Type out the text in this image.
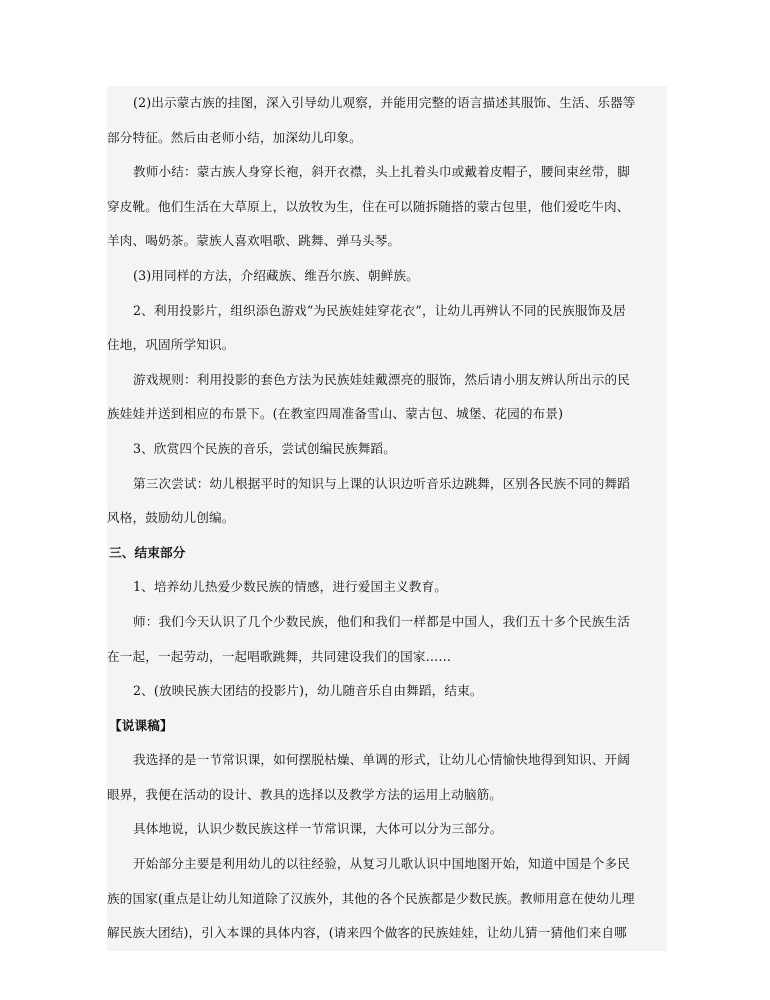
(2)出示蒙古族的挂图，深入引导幼儿观察，并能用完整的语言描述其服饰、生活、乐器等
部分特征。然后由老师小结，加深幼儿印象。
教师小结：蒙古族人身穿长袍，斜开衣襟，头上扎着头巾或戴着皮帽子，腰间束丝带，脚
穿皮靴。他们生活在大草原上，以放牧为生，住在可以随拆随搭的蒙古包里，他们爱吃牛肉、
羊肉、喝奶茶。蒙族人喜欢唱歌、跳舞、弹马头琴。
(3)用同样的方法，介绍藏族、维吾尔族、朝鲜族。
2、利用投影片，组织添色游戏“为民族娃娃穿花衣”，让幼儿再辨认不同的民族服饰及居
住地，巩固所学知识。
游戏规则：利用投影的套色方法为民族娃娃戴漂亮的服饰，然后请小朋友辨认所出示的民
族娃娃并送到相应的布景下。(在教室四周准备雪山、蒙古包、城堡、花园的布景)
3、欣赏四个民族的音乐，尝试创编民族舞蹈。
第三次尝试：幼儿根据平时的知识与上课的认识边听音乐边跳舞，区别各民族不同的舞蹈
风格，鼓励幼儿创编。
三、结束部分
1、培养幼儿热爱少数民族的情感，进行爱国主义教育。
师：我们今天认识了几个少数民族，他们和我们一样都是中国人，我们五十多个民族生活
在一起，一起劳动，一起唱歌跳舞，共同建设我们的国家……
2、(放映民族大团结的投影片)，幼儿随音乐自由舞蹈，结束。
【说课稿】
我选择的是一节常识课，如何摆脱枯燥、单调的形式，让幼儿心情愉快地得到知识、开阔
眼界，我便在活动的设计、教具的选择以及教学方法的运用上动脑筋。
具体地说，认识少数民族这样一节常识课，大体可以分为三部分。
开始部分主要是利用幼儿的以往经验，从复习儿歌认识中国地图开始，知道中国是个多民
族的国家(重点是让幼儿知道除了汉族外，其他的各个民族都是少数民族。教师用意在使幼儿理
解民族大团结)，引入本课的具体内容，(请来四个做客的民族娃娃，让幼儿猜一猜他们来自哪
